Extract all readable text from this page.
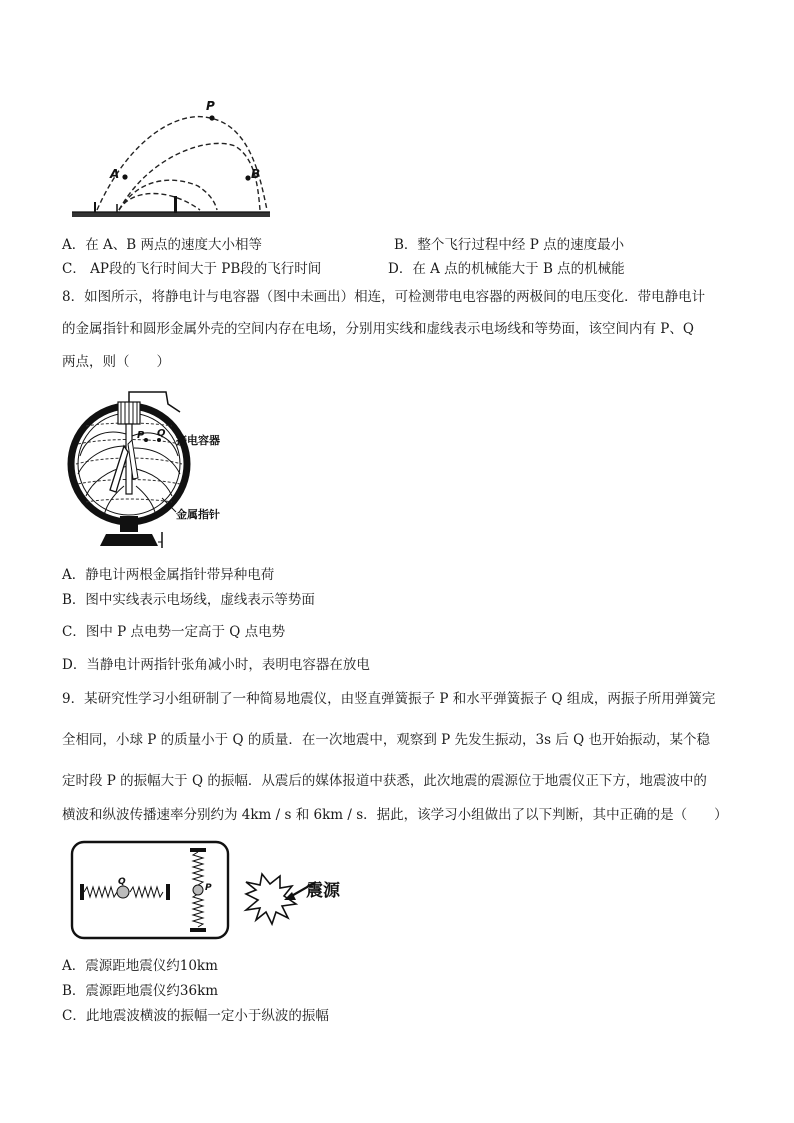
P
A	B
A．在 A、B 两点的速度大小相等	B．整个飞行过程中经 P 点的速度最小
C． AP段的飞行时间大于 PB段的飞行时间	D．在 A 点的机械能大于 B 点的机械能
8．如图所示，将静电计与电容器（图中未画出）相连，可检测带电电容器的两极间的电压变化．带电静电计
的金属指针和圆形金属外壳的空间内存在电场，分别用实线和虚线表示电场线和等势面，该空间内有 P、Q
两点，则（　　）
P Q
接电容器
金属指针
A．静电计两根金属指针带异种电荷
B．图中实线表示电场线，虚线表示等势面
C．图中 P 点电势一定高于 Q 点电势
D．当静电计两指针张角减小时，表明电容器在放电
9．某研究性学习小组研制了一种简易地震仪，由竖直弹簧振子 P 和水平弹簧振子 Q 组成，两振子所用弹簧完
全相同，小球 P 的质量小于 Q 的质量．在一次地震中，观察到 P 先发生振动，3s 后 Q 也开始振动，某个稳
定时段 P 的振幅大于 Q 的振幅．从震后的媒体报道中获悉，此次地震的震源位于地震仪正下方，地震波中的
横波和纵波传播速率分别约为 4km / s 和 6km / s．据此，该学习小组做出了以下判断，其中正确的是（　　）
Q
P	震源
A．震源距地震仪约10km
B．震源距地震仪约36km
C．此地震波横波的振幅一定小于纵波的振幅
